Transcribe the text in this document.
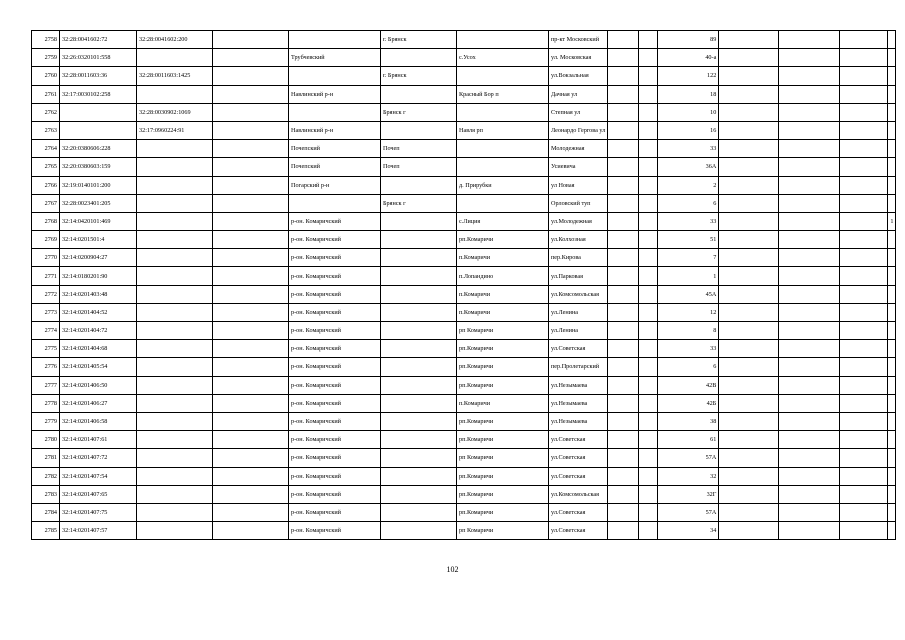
2758	32:28:0041602:72	32:28:0041602:200			г. Брянск		пр-кт Московский			89				
2759	32:26:0320101:558			Трубчевский		с.Усох	ул. Московская			40-а				
2760	32:28:0011603:36	32:28:0011603:1425			г. Брянск		ул.Вокзальная			122				
2761	32:17:0030102:258			Навлинский р-н		Красный Бор п	Дачная ул			18				
2762		32:28:0030902:1069			Брянск г		Степная ул			10				
2763		32:17:0960224:91		Навлинский р-н		Навля рп	Леонардо Гергова ул			16				
2764	32:20:0380606:228			Почепский	Почеп		Молодежная			33				
2765	32:20:0380603:159			Почепский	Почеп		Усиевича			36А				
2766	32:19:0140101:200			Погарский р-н		д. Прирубки	ул Новая			2				
2767	32:28:0023401:205				Брянск г		Орловский туп			6				
2768	32:14:0420101:469			р-он. Комаричский		с.Лиция	ул.Молодежная			33				1
2769	32:14:0201501:4			р-он. Комаричский		рп.Комаричи	ул.Колхозная			51				
2770	32:14:0200904:27			р-он. Комаричский		п.Комаричи	пер.Кирова			7				
2771	32:14:0180201:90			р-он. Комаричский		п.Лопандино	ул.Парковая			1				
2772	32:14:0201403:48			р-он. Комаричский		п.Комаричи	ул.Комсомольская			45А				
2773	32:14:0201404:52			р-он. Комаричский		п.Комаричи	ул.Ленина			12				
2774	32:14:0201404:72			р-он. Комаричский		рп Комаричи	ул.Ленина			8				
2775	32:14:0201404:68			р-он. Комаричский		рп.Комаричи	ул.Советская			33				
2776	32:14:0201405:54			р-он. Комаричский		рп.Комаричи	пер.Пролетарский			6				
2777	32:14:0201406:50			р-он. Комаричский		рп.Комаричи	ул.Незымаева			42В				
2778	32:14:0201406:27			р-он. Комаричский		п.Комаричи	ул.Незымаева			42Б				
2779	32:14:0201406:58			р-он. Комаричский		рп.Комаричи	ул.Незымаева			38				
2780	32:14:0201407:61			р-он. Комаричский		рп.Комаричи	ул.Советская			61				
2781	32:14:0201407:72			р-он. Комаричский		рп Комаричи	ул.Советская			57А				
2782	32:14:0201407:54			р-он. Комаричский		рп.Комаричи	ул.Советская			32				
2783	32:14:0201407:65			р-он. Комаричский		рп.Комаричи	ул.Комсомольская			32Г				
2784	32:14:0201407:75			р-он. Комаричский		рп.Комаричи	ул.Советская			57А				
2785	32:14:0201407:57			р-он. Комаричский		рп Комаричи	ул.Советская			34				
102
